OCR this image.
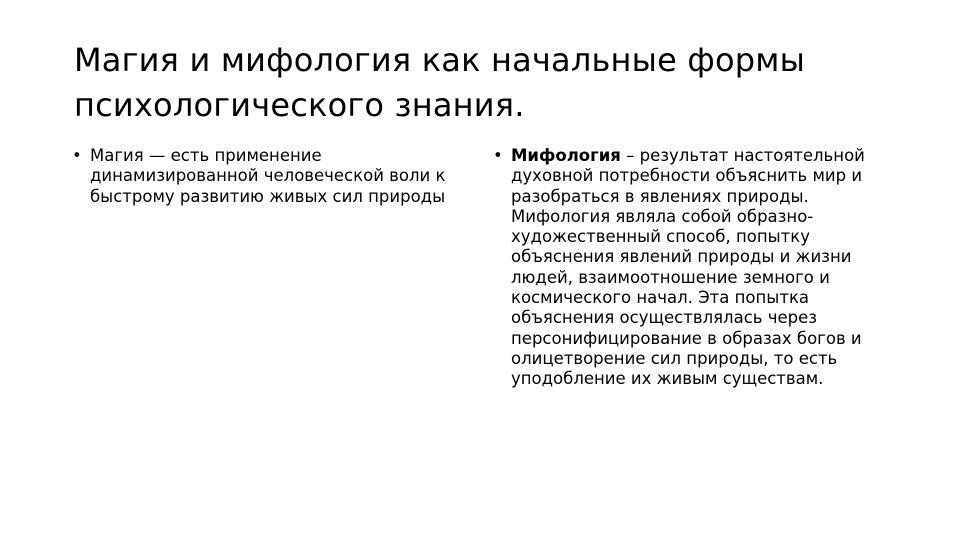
Магия и мифология как начальные формы психологического знания.

• Магия — есть применение динамизированной человеческой воли к быстрому развитию живых сил природы

• Мифология – результат настоятельной духовной потребности объяснить мир и разобраться в явлениях природы. Мифология являла собой образно-художественный способ, попытку объяснения явлений природы и жизни людей, взаимоотношение земного и космического начал. Эта попытка объяснения осуществлялась через персонифицирование в образах богов и олицетворение сил природы, то есть уподобление их живым существам.
